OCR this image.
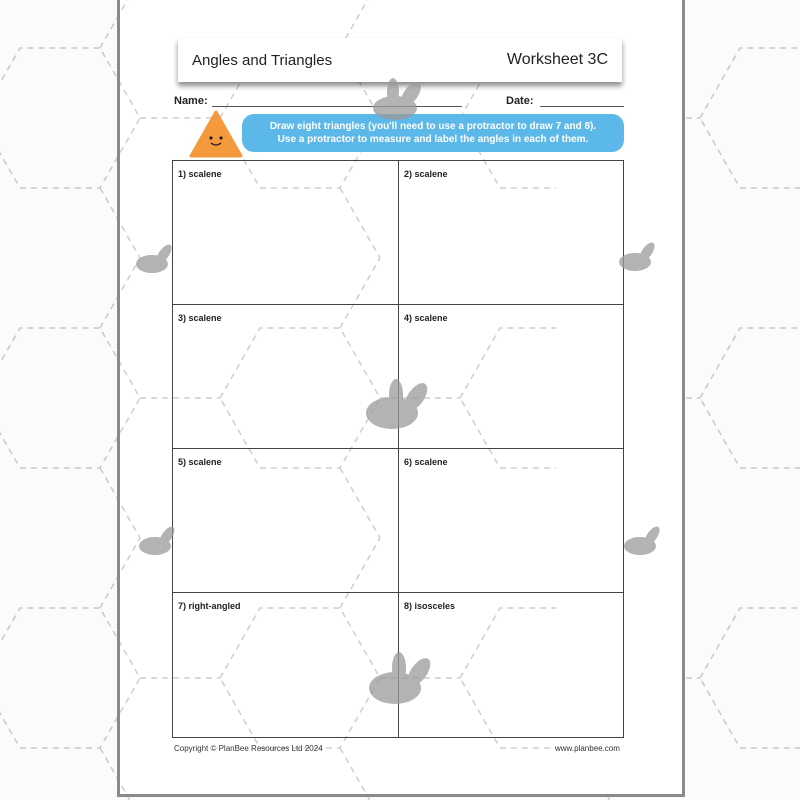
Angles and Triangles	Worksheet 3C
Name:	Date:
Draw eight triangles (you'll need to use a protractor to draw 7 and 8).
Use a protractor to measure and label the angles in each of them.
1) scalene	2) scalene
3) scalene	4) scalene
5) scalene	6) scalene
7) right-angled	8) isosceles
Copyright © PlanBee Resources Ltd 2024	www.planbee.com
